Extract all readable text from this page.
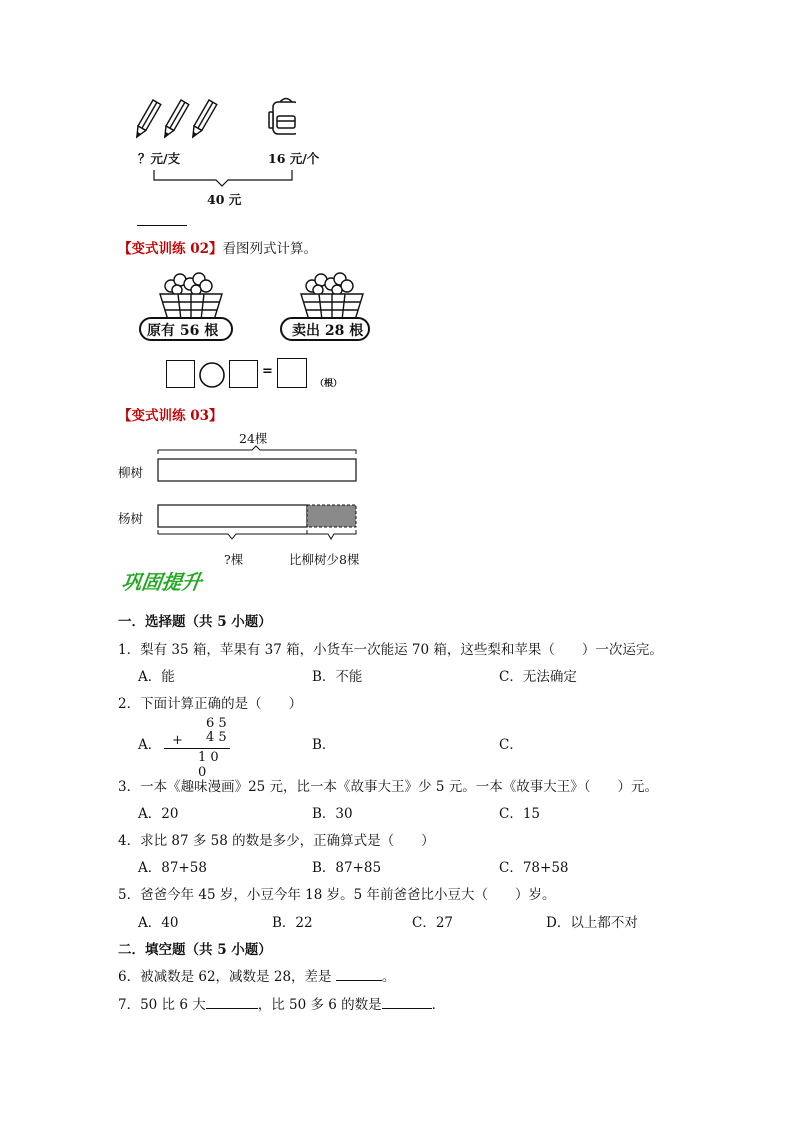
？元/支	16 元/个
40 元
【变式训练 02】看图列式计算。
原有 56 根	卖出 28 根
=
（根）
【变式训练 03】
24棵
柳树
杨树
?棵	比柳树少8棵
巩固提升
一．选择题（共 5 小题）
1．梨有 35 箱，苹果有 37 箱，小货车一次能运 70 箱，这些梨和苹果（　　）一次运完。
A．能	B．不能	C．无法确定
2．下面计算正确的是（　　）
A．
6 5
+ 4 5
1 0 0
B．	C．
3．一本《趣味漫画》25 元，比一本《故事大王》少 5 元。一本《故事大王》（　　）元。
A．20	B．30	C．15
4．求比 87 多 58 的数是多少，正确算式是（　　）
A．87+58	B．87+85	C．78+58
5．爸爸今年 45 岁，小豆今年 18 岁。5 年前爸爸比小豆大（　　）岁。
A．40	B．22	C．27	D．以上都不对
二．填空题（共 5 小题）
6．被减数是 62，减数是 28，差是	。
7．50 比 6 大	，比 50 多 6 的数是	．
